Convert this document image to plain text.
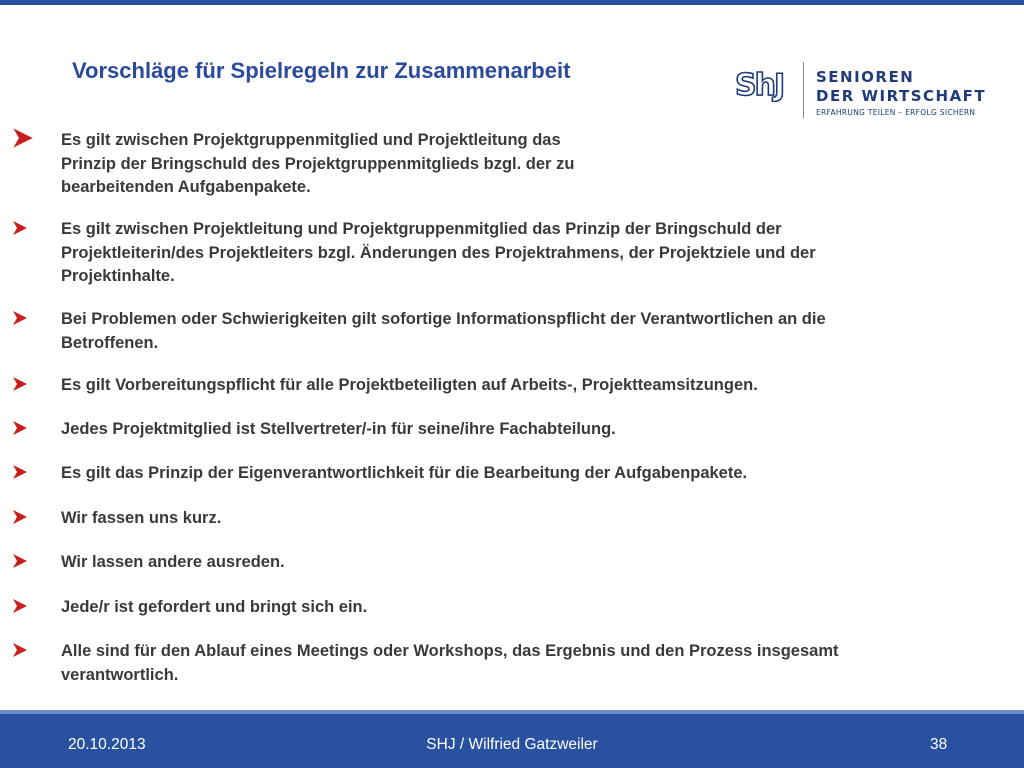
Vorschläge für Spielregeln zur Zusammenarbeit	ShJ SENIOREN
DER WIRTSCHAFT
ERFAHRUNG TEILEN – ERFOLG SICHERN

Es gilt zwischen Projektgruppenmitglied und Projektleitung das
Prinzip der Bringschuld des Projektgruppenmitglieds bzgl. der zu
bearbeitenden Aufgabenpakete.

Es gilt zwischen Projektleitung und Projektgruppenmitglied das Prinzip der Bringschuld der
Projektleiterin/des Projektleiters bzgl. Änderungen des Projektrahmens, der Projektziele und der
Projektinhalte.

Bei Problemen oder Schwierigkeiten gilt sofortige Informationspflicht der Verantwortlichen an die
Betroffenen.

Es gilt Vorbereitungspflicht für alle Projektbeteiligten auf Arbeits-, Projektteamsitzungen.

Jedes Projektmitglied ist Stellvertreter/-in für seine/ihre Fachabteilung.

Es gilt das Prinzip der Eigenverantwortlichkeit für die Bearbeitung der Aufgabenpakete.

Wir fassen uns kurz.

Wir lassen andere ausreden.

Jede/r ist gefordert und bringt sich ein.

Alle sind für den Ablauf eines Meetings oder Workshops, das Ergebnis und den Prozess insgesamt
verantwortlich.

20.10.2013	SHJ / Wilfried Gatzweiler	38
